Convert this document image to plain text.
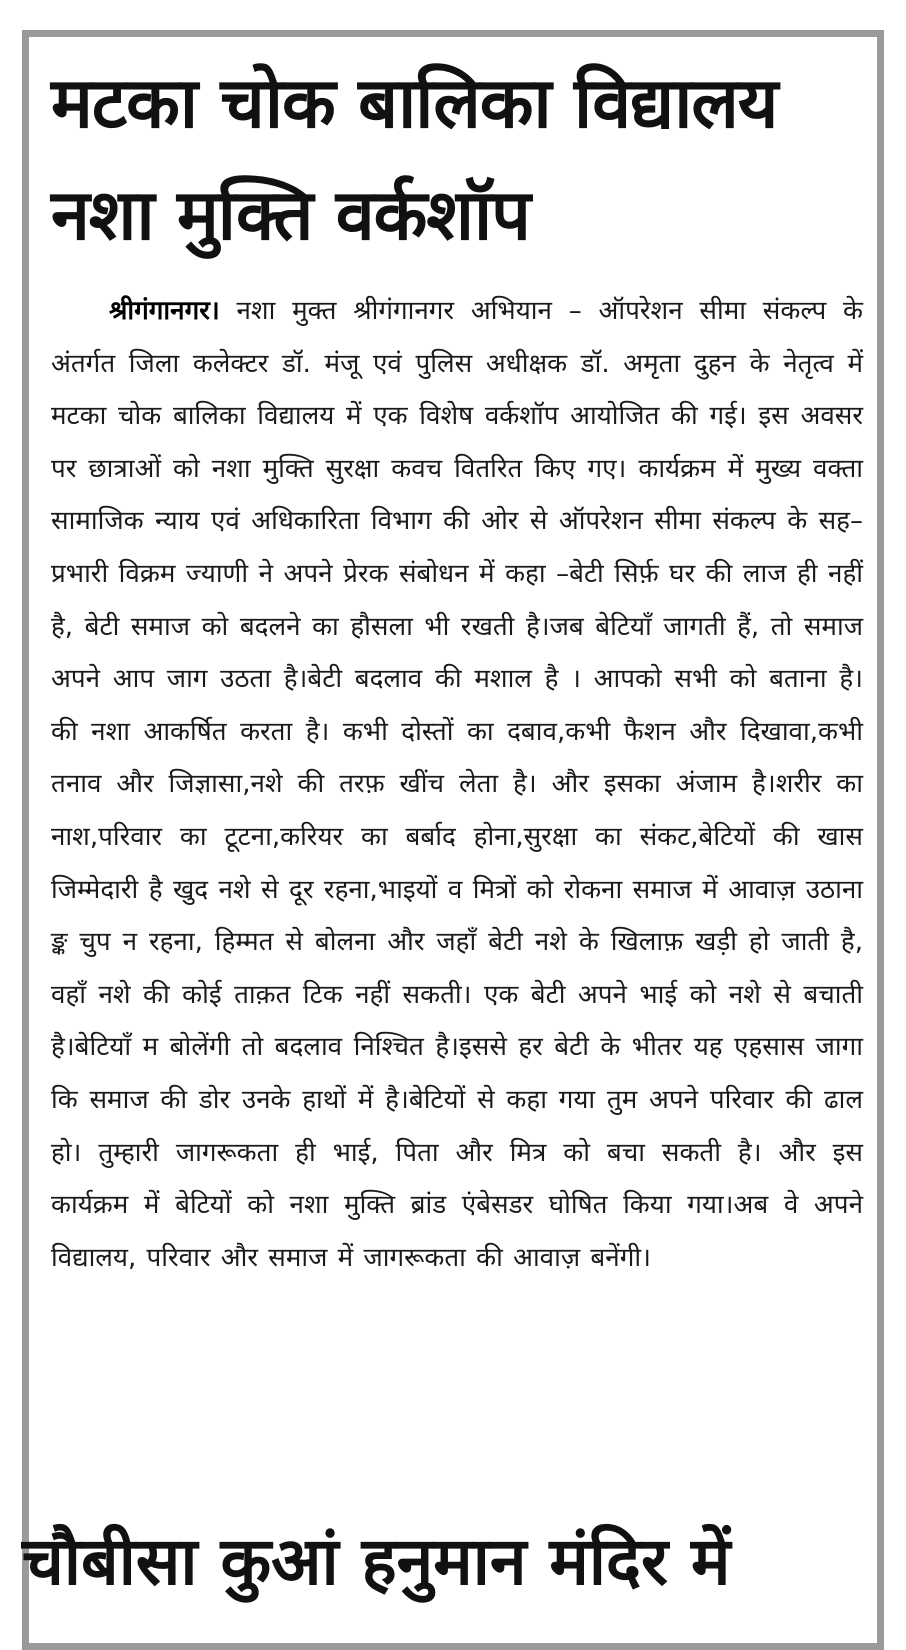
मटका चोक बालिका विद्यालय
नशा मुक्ति वर्कशॉप

श्रीगंगानगर। नशा मुक्त श्रीगंगानगर अभियान – ऑपरेशन सीमा संकल्प के अंतर्गत जिला कलेक्टर डॉ. मंजू एवं पुलिस अधीक्षक डॉ. अमृता दुहन के नेतृत्व में मटका चोक बालिका विद्यालय में एक विशेष वर्कशॉप आयोजित की गई। इस अवसर पर छात्राओं को नशा मुक्ति सुरक्षा कवच वितरित किए गए। कार्यक्रम में मुख्य वक्ता सामाजिक न्याय एवं अधिकारिता विभाग की ओर से ऑपरेशन सीमा संकल्प के सह–प्रभारी विक्रम ज्याणी ने अपने प्रेरक संबोधन में कहा –बेटी सिर्फ़ घर की लाज ही नहीं है, बेटी समाज को बदलने का हौसला भी रखती है।जब बेटियाँ जागती हैं, तो समाज अपने आप जाग उठता है।बेटी बदलाव की मशाल है । आपको सभी को बताना है। की नशा आकर्षित करता है। कभी दोस्तों का दबाव,कभी फैशन और दिखावा,कभी तनाव और जिज्ञासा,नशे की तरफ़ खींच लेता है। और इसका अंजाम है।शरीर का नाश,परिवार का टूटना,करियर का बर्बाद होना,सुरक्षा का संकट,बेटियों की खास जिम्मेदारी है खुद नशे से दूर रहना,भाइयों व मित्रों को रोकना समाज में आवाज़ उठाना ङ्क चुप न रहना, हिम्मत से बोलना और जहाँ बेटी नशे के खिलाफ़ खड़ी हो जाती है, वहाँ नशे की कोई ताक़त टिक नहीं सकती। एक बेटी अपने भाई को नशे से बचाती है।बेटियाँ म बोलेंगी तो बदलाव निश्चित है।इससे हर बेटी के भीतर यह एहसास जागा कि समाज की डोर उनके हाथों में है।बेटियों से कहा गया तुम अपने परिवार की ढाल हो। तुम्हारी जागरूकता ही भाई, पिता और मित्र को बचा सकती है। और इस कार्यक्रम में बेटियों को नशा मुक्ति ब्रांड एंबेसडर घोषित किया गया।अब वे अपने विद्यालय, परिवार और समाज में जागरूकता की आवाज़ बनेंगी।

चौबीसा कुआं हनुमान मंदिर में
